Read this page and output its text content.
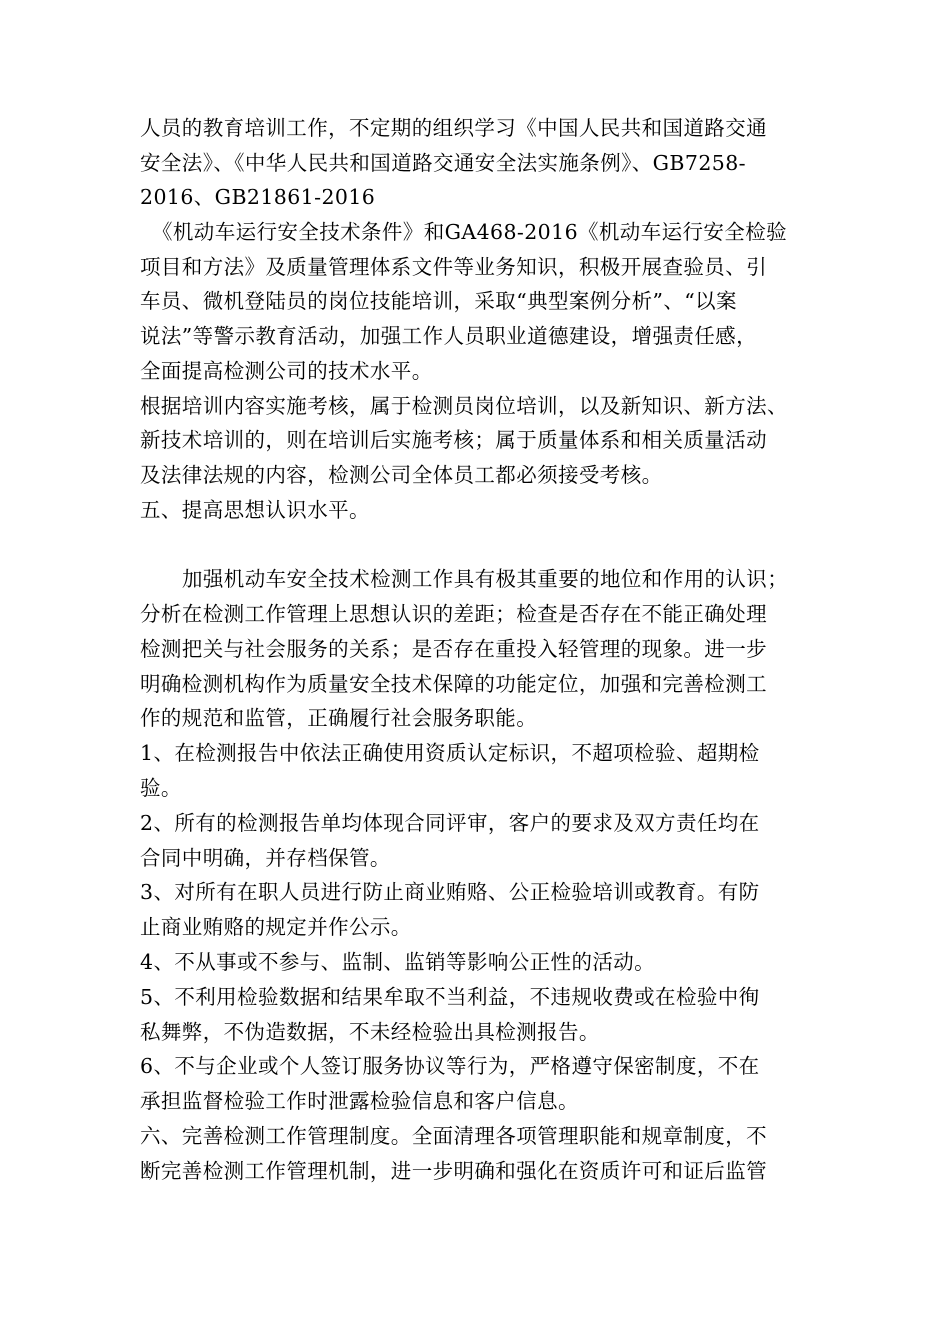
人员的教育培训工作，不定期的组织学习《中国人民共和国道路交通
安全法》、《中华人民共和国道路交通安全法实施条例》、GB7258-
2016、GB21861-2016
《机动车运行安全技术条件》和GA468-2016《机动车运行安全检验
项目和方法》及质量管理体系文件等业务知识，积极开展查验员、引
车员、微机登陆员的岗位技能培训，采取“典型案例分析”、“以案
说法”等警示教育活动，加强工作人员职业道德建设，增强责任感，
全面提高检测公司的技术水平。
根据培训内容实施考核，属于检测员岗位培训，以及新知识、新方法、
新技术培训的，则在培训后实施考核；属于质量体系和相关质量活动
及法律法规的内容，检测公司全体员工都必须接受考核。
五、提高思想认识水平。
加强机动车安全技术检测工作具有极其重要的地位和作用的认识；
分析在检测工作管理上思想认识的差距；检查是否存在不能正确处理
检测把关与社会服务的关系；是否存在重投入轻管理的现象。进一步
明确检测机构作为质量安全技术保障的功能定位，加强和完善检测工
作的规范和监管，正确履行社会服务职能。
1、在检测报告中依法正确使用资质认定标识，不超项检验、超期检
验。
2、所有的检测报告单均体现合同评审，客户的要求及双方责任均在
合同中明确，并存档保管。
3、对所有在职人员进行防止商业贿赂、公正检验培训或教育。有防
止商业贿赂的规定并作公示。
4、不从事或不参与、监制、监销等影响公正性的活动。
5、不利用检验数据和结果牟取不当利益，不违规收费或在检验中徇
私舞弊，不伪造数据，不未经检验出具检测报告。
6、不与企业或个人签订服务协议等行为，严格遵守保密制度，不在
承担监督检验工作时泄露检验信息和客户信息。
六、完善检测工作管理制度。全面清理各项管理职能和规章制度，不
断完善检测工作管理机制，进一步明确和强化在资质许可和证后监管
